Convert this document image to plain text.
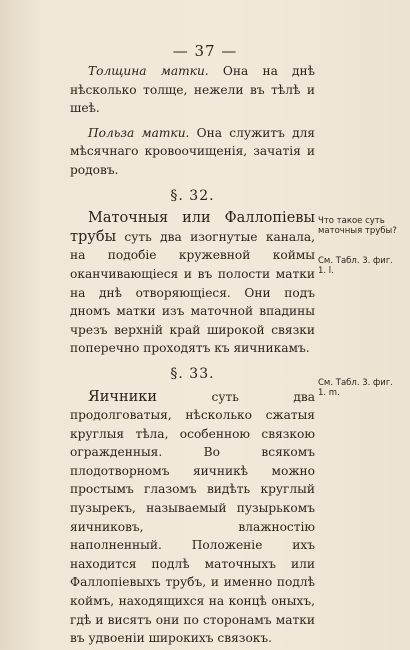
— 37 —

Толщина матки. Она на днѣ нѣсколько толще, нежели въ тѣлѣ и шеѣ.

Польза матки. Она служитъ для мѣсячнаго кровоочищенія, зачатія и родовъ.

§. 32.

Маточныя или Фаллопіевы трубы суть два изогнутые канала, на подобіе кружевной коймы оканчивающіеся и въ полости матки на днѣ отворяющіеся. Они подъ дномъ матки изъ маточной впадины чрезъ верхній край широкой связки поперечно проходятъ къ яичникамъ.

§. 33.

Яичники суть два продолговатыя, нѣсколько сжатыя круглыя тѣла, особенною связкою огражденныя. Во всякомъ плодотворномъ яичникѣ можно простымъ глазомъ видѣть круглый пузырекъ, называемый пузырькомъ яичниковъ, влажностію наполненный. Положеніе ихъ находится подлѣ маточныхъ или Фаллопіевыхъ трубъ, и именно подлѣ коймъ, находящихся на концѣ оныхъ, гдѣ и висятъ они по сторонамъ матки въ удвоеніи широкихъ связокъ.

Что такое суть маточныя трубы?
См. Табл. 3. фиг. 1. l.
См. Табл. 3. фиг. 1. m.
